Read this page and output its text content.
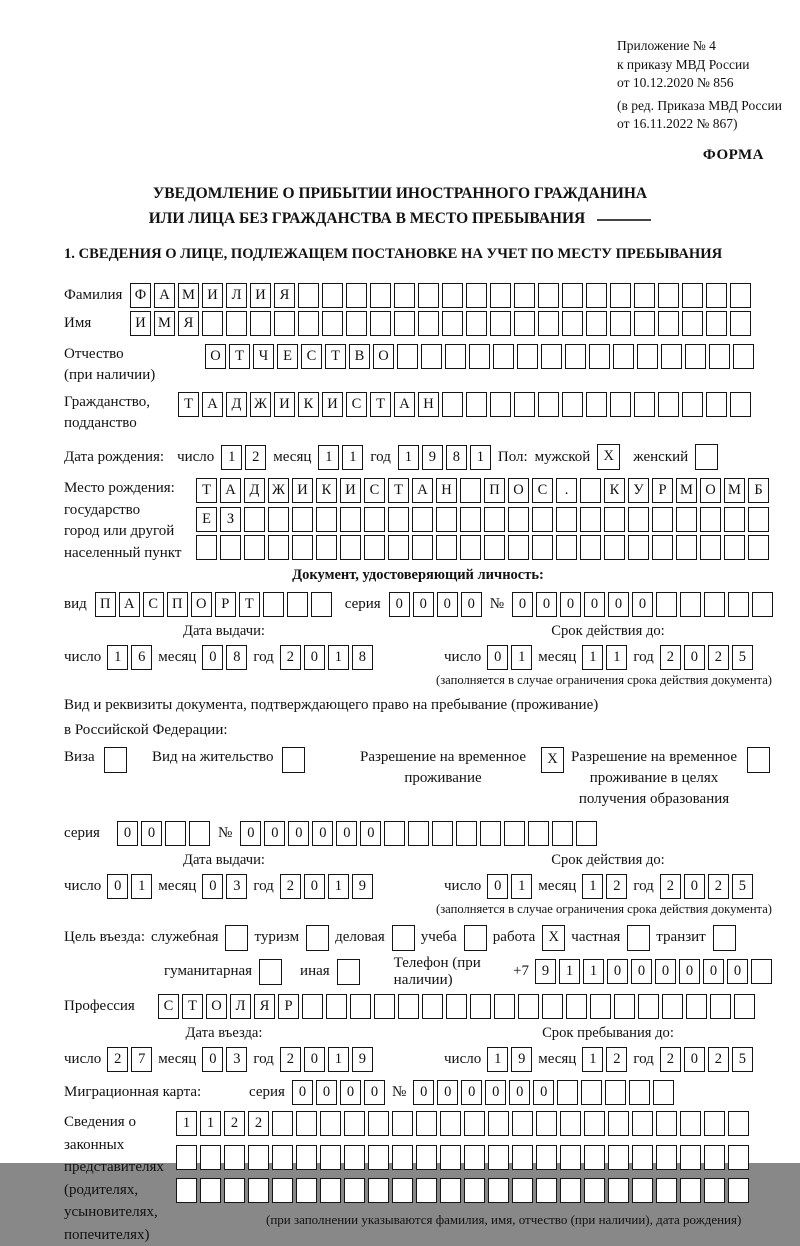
Приложение № 4
к приказу МВД России
от 10.12.2020 № 856
(в ред. Приказа МВД России
от 16.11.2022 № 867)
ФОРМА
УВЕДОМЛЕНИЕ О ПРИБЫТИИ ИНОСТРАННОГО ГРАЖДАНИНА
ИЛИ ЛИЦА БЕЗ ГРАЖДАНСТВА В МЕСТО ПРЕБЫВАНИЯ
1. СВЕДЕНИЯ О ЛИЦЕ, ПОДЛЕЖАЩЕМ ПОСТАНОВКЕ НА УЧЕТ ПО МЕСТУ ПРЕБЫВАНИЯ
Фамилия Ф А М И Л И Я
Имя	И М Я
Отчество
(при наличии)
О Т	Ч	Е	С	Т	В О
Гражданство,
подданство
Т А Д Ж И К И С	Т А Н
Дата рождения: число 1	2 месяц 1	1 год 1	9	8	1 Пол: мужской X	женский
Место рождения:
государство
город или другой
населенный пункт
Т А Д Ж И К И С	Т А Н	П О С	.	К У	Р М О М Б
Е	З
Документ, удостоверяющий личность:
вид П А С П О	Р	Т	серия	0	0	0	0 №	0	0	0	0	0	0
Дата выдачи:
число 1	6 месяц 0	8 год 2	0	1	8
Срок действия до:
число 0	1 месяц 1	1 год 2	0	2	5
(заполняется в случае ограничения срока действия документа)
Вид и реквизиты документа, подтверждающего право на пребывание (проживание)
в Российской Федерации:
Виза	Вид на жительство	Разрешение на временное проживание
X Разрешение на временное проживание в целях получения образования
серия	0	0	№	0	0	0	0	0	0
Дата выдачи:
число 0	1 месяц 0	3 год 2	0	1	9
Срок действия до:
число 0	1 месяц 1	2 год 2	0	2	5
(заполняется в случае ограничения срока действия документа)
Цель въезда: служебная туризм деловая учеба работа X частная транзит
гуманитарная	иная
Телефон (при наличии)
+7 9	1	1	0	0	0	0	0	0
Профессия	С	Т О Л Я	Р
Дата въезда:
число 2	7 месяц 0	3 год 2	0	1	9
Срок пребывания до:
число 1	9 месяц 1	2 год 2	0	2	5
Миграционная карта:	серия 0	0	0	0 № 0	0	0	0	0	0
Сведения о
законных
представителях
(родителях,
усыновителях,
попечителях)
1	1	2	2
(при заполнении указываются фамилия, имя, отчество (при наличии), дата рождения)
